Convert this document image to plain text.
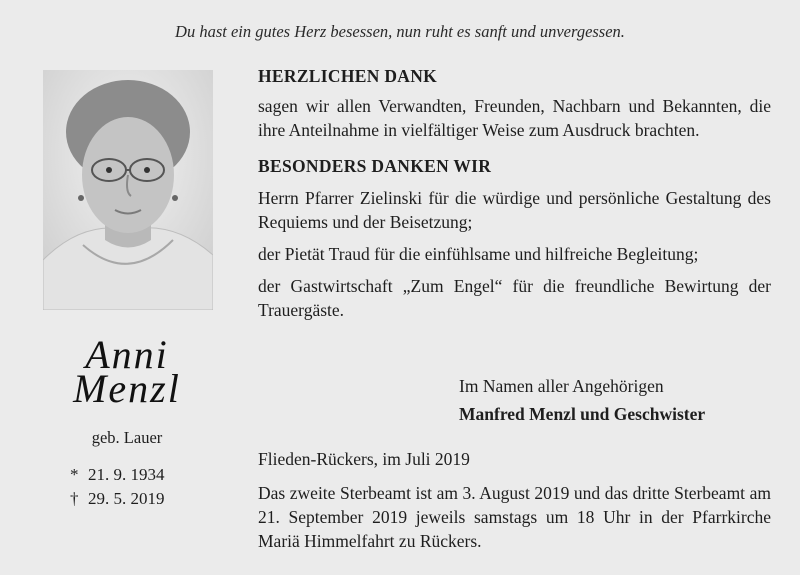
Du hast ein gutes Herz besessen, nun ruht es sanft und unvergessen.
Anni
Menzl
geb. Lauer
* 21. 9. 1934
† 29. 5. 2019
HERZLICHEN DANK
sagen wir allen Verwandten, Freunden, Nachbarn und Bekannten, die ihre Anteilnahme in vielfältiger Weise zum Ausdruck brachten.
BESONDERS DANKEN WIR
Herrn Pfarrer Zielinski für die würdige und persönliche Gestaltung des Requiems und der Beisetzung;
der Pietät Traud für die einfühlsame und hilfreiche Begleitung;
der Gastwirtschaft „Zum Engel“ für die freundliche Bewirtung der Trauergäste.
Im Namen aller Angehörigen
Manfred Menzl und Geschwister
Flieden-Rückers, im Juli 2019
Das zweite Sterbeamt ist am 3. August 2019 und das dritte Sterbeamt am 21. September 2019 jeweils samstags um 18 Uhr in der Pfarrkirche Mariä Himmelfahrt zu Rückers.
